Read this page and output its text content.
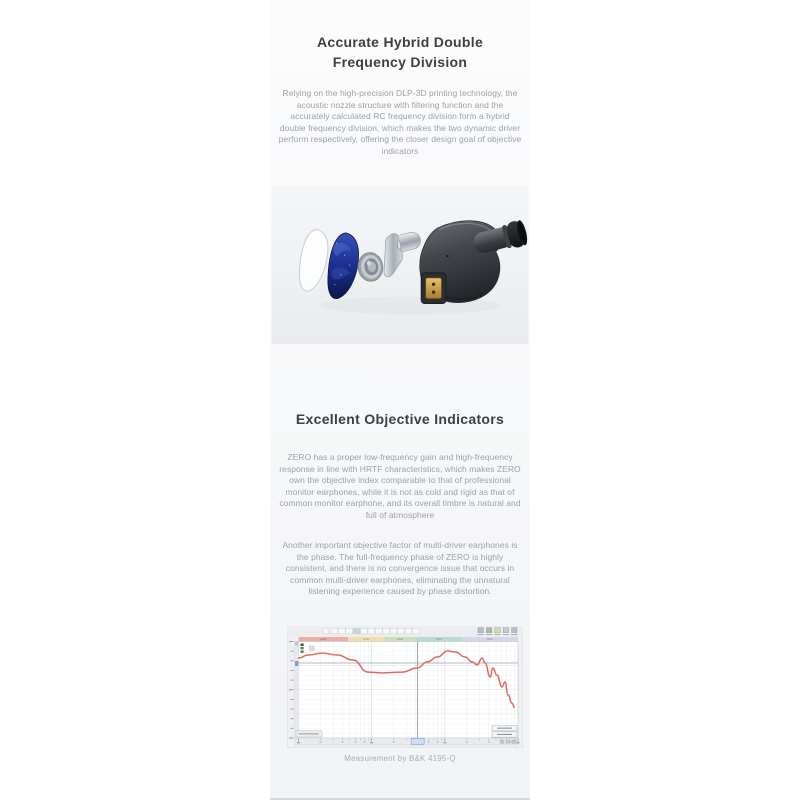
Accurate Hybrid Double
Frequency Division

Relying on the high-precision DLP-3D printing technology, the acoustic nozzle structure with filtering function and the accurately calculated RC frequency division form a hybrid double frequency division, which makes the two dynamic driver perform respectively, offering the closer design goal of objective indicators

Excellent Objective Indicators

ZERO has a proper low-frequency gain and high-frequency response in line with HRTF characteristics, which makes ZERO own the objective index comparable to that of professional monitor earphones, while it is not as cold and rigid as that of common monitor earphone, and its overall timbre is natural and full of atmosphere

Another important objective factor of multi-driver earphones is the phase. The full-frequency phase of ZERO is highly consistent, and there is no convergence issue that occurs in common multi-driver earphones, eliminating the unnatural listening experience caused by phase distortion.

Measurement by B&K 4195-Q
